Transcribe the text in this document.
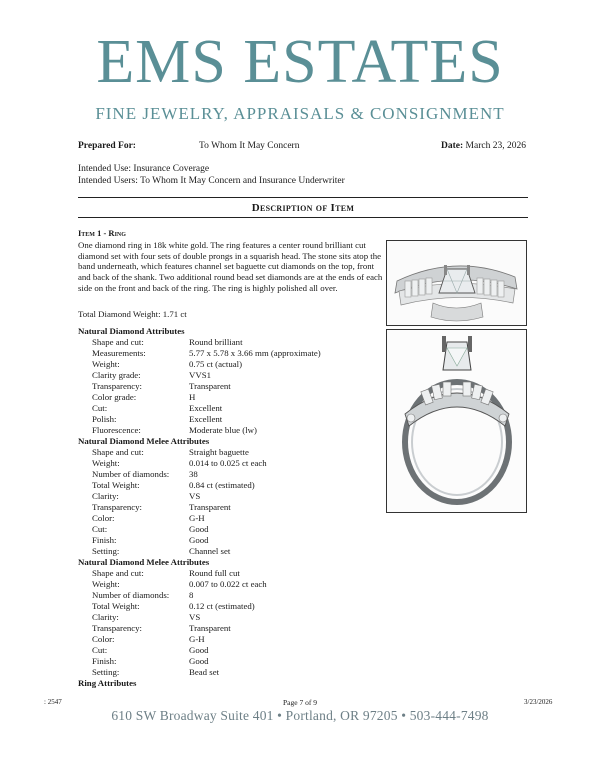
EMS ESTATES
FINE JEWELRY, APPRAISALS & CONSIGNMENT
Prepared For:	To Whom It May Concern	Date: March 23, 2026
Intended Use: Insurance Coverage
Intended Users: To Whom It May Concern and Insurance Underwriter
Description of Item
Item 1 - Ring
One diamond ring in 18k white gold. The ring features a center round brilliant cut diamond set with four sets of double prongs in a squarish head. The stone sits atop the band underneath, which features channel set baguette cut diamonds on the top, front and back of the shank. Two additional round bead set diamonds are at the ends of each side on the front and back of the ring. The ring is highly polished all over.
Total Diamond Weight: 1.71 ct
Natural Diamond Attributes
Shape and cut:	Round brilliant
Measurements:	5.77 x 5.78 x 3.66 mm (approximate)
Weight:	0.75 ct (actual)
Clarity grade:	VVS1
Transparency:	Transparent
Color grade:	H
Cut:	Excellent
Polish:	Excellent
Fluorescence:	Moderate blue (lw)
Natural Diamond Melee Attributes
Shape and cut:	Straight baguette
Weight:	0.014 to 0.025 ct each
Number of diamonds: 38
Total Weight:	0.84 ct (estimated)
Clarity:	VS
Transparency:	Transparent
Color:	G-H
Cut:	Good
Finish:	Good
Setting:	Channel set
Natural Diamond Melee Attributes
Shape and cut:	Round full cut
Weight:	0.007 to 0.022 ct each
Number of diamonds: 8
Total Weight:	0.12 ct (estimated)
Clarity:	VS
Transparency:	Transparent
Color:	G-H
Cut:	Good
Finish:	Good
Setting:	Bead set
Ring Attributes
: 2547	Page 7 of 9	3/23/2026
610 SW Broadway Suite 401 • Portland, OR 97205 • 503-444-7498
